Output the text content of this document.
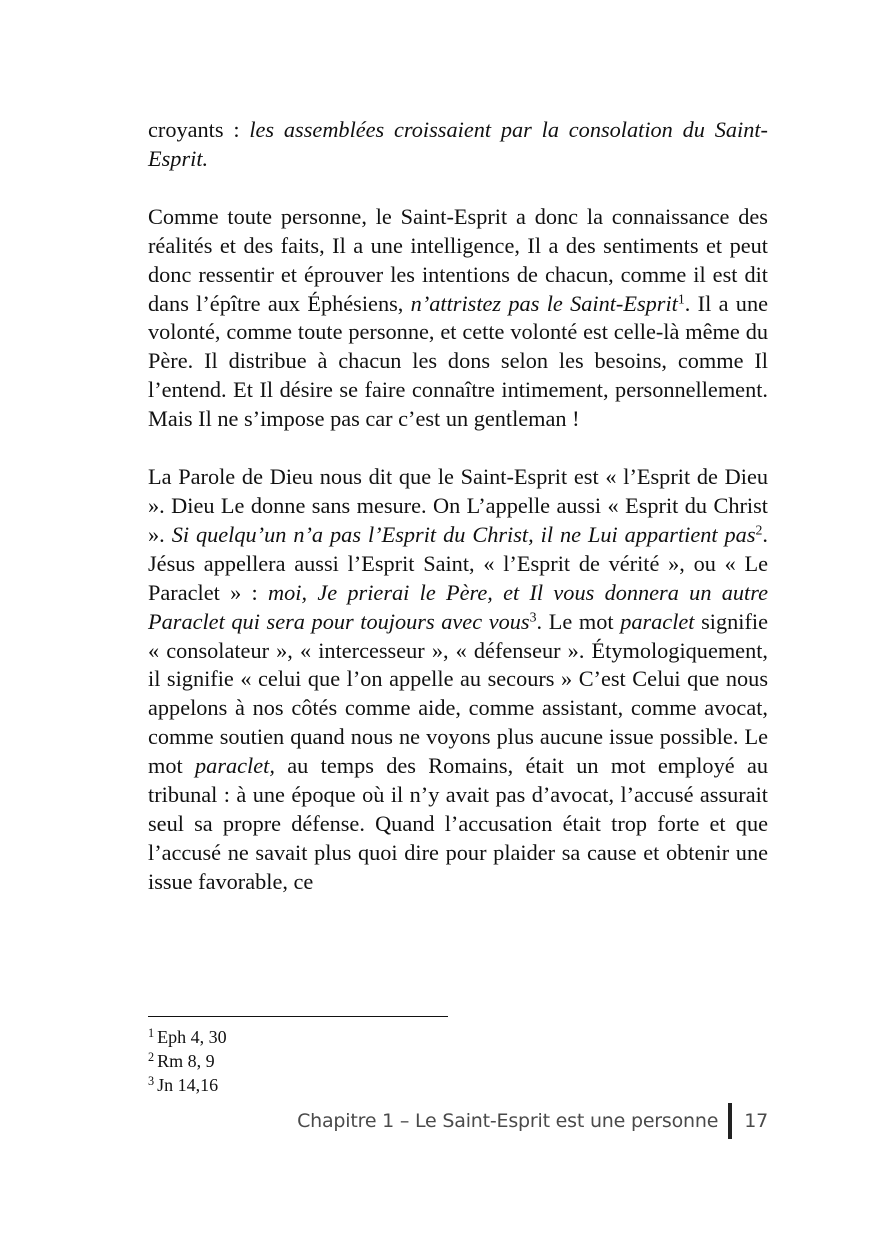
croyants : les assemblées croissaient par la consolation du Saint-Esprit.

Comme toute personne, le Saint-Esprit a donc la connaissance des réalités et des faits, Il a une intelligence, Il a des sentiments et peut donc ressentir et éprouver les intentions de chacun, comme il est dit dans l’épître aux Éphésiens, n’attristez pas le Saint-Esprit$^1$. Il a une volonté, comme toute personne, et cette volonté est celle-là même du Père. Il distribue à chacun les dons selon les besoins, comme Il l’entend. Et Il désire se faire connaître intimement, personnellement. Mais Il ne s’impose pas car c’est un gentleman !

La Parole de Dieu nous dit que le Saint-Esprit est « l’Esprit de Dieu ». Dieu Le donne sans mesure. On L’appelle aussi « Esprit du Christ ». Si quelqu’un n’a pas l’Esprit du Christ, il ne Lui appartient pas$^2$. Jésus appellera aussi l’Esprit Saint, « l’Esprit de vérité », ou « Le Paraclet » : moi, Je prierai le Père, et Il vous donnera un autre Paraclet qui sera pour toujours avec vous$^3$. Le mot paraclet signifie « consolateur », « intercesseur », « défenseur ». Étymologiquement, il signifie « celui que l’on appelle au secours » C’est Celui que nous appelons à nos côtés comme aide, comme assistant, comme avocat, comme soutien quand nous ne voyons plus aucune issue possible. Le mot paraclet, au temps des Romains, était un mot employé au tribunal : à une époque où il n’y avait pas d’avocat, l’accusé assurait seul sa propre défense. Quand l’accusation était trop forte et que l’accusé ne savait plus quoi dire pour plaider sa cause et obtenir une issue favorable, ce

$^1$ Eph 4, 30
$^2$ Rm 8, 9
$^3$ Jn 14,16
Chapitre 1 – Le Saint-Esprit est une personne 17
